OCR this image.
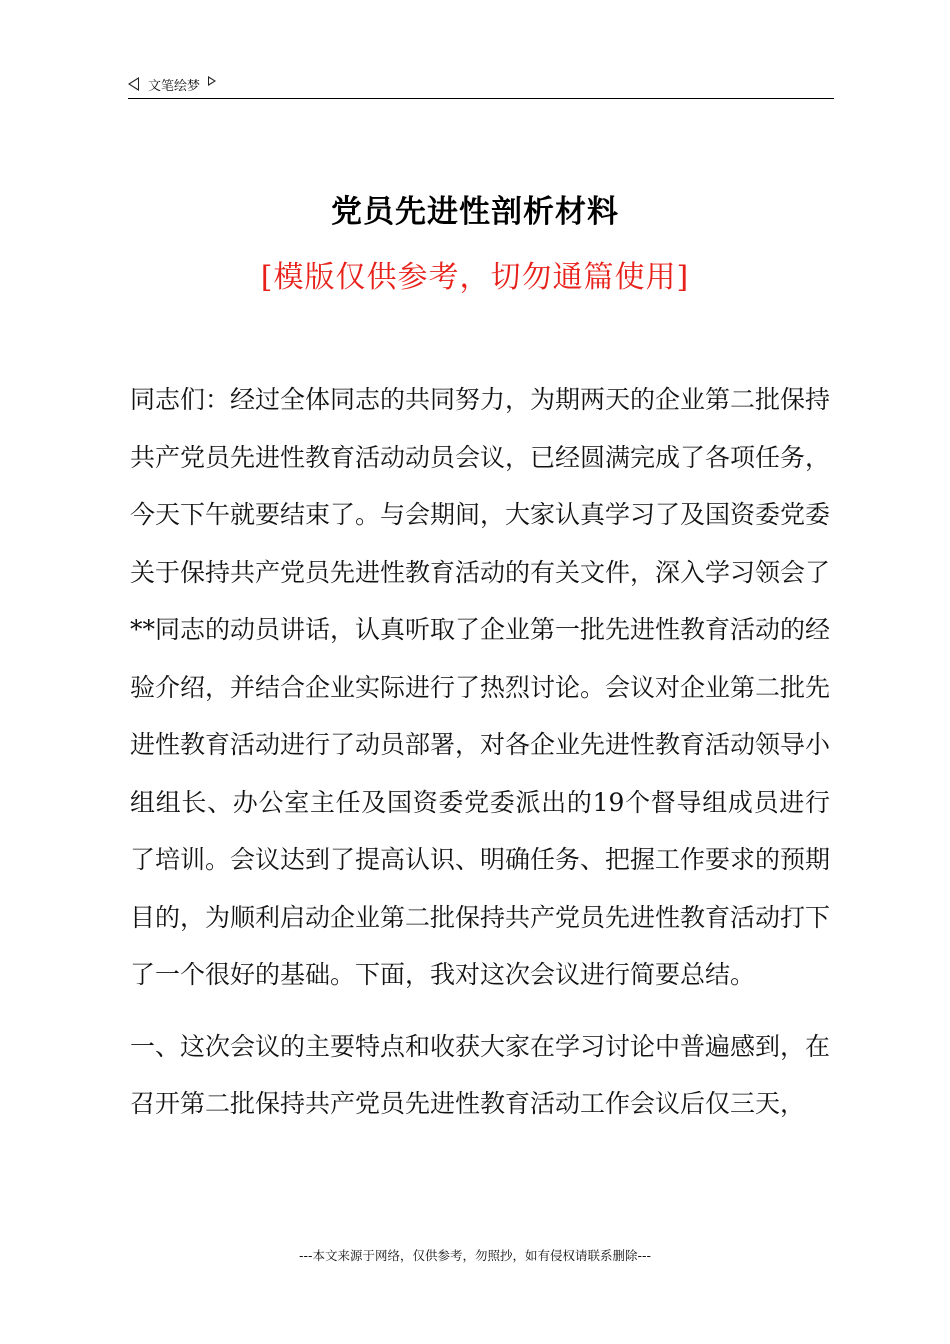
文笔绘梦
党员先进性剖析材料
[模版仅供参考，切勿通篇使用]

同志们：经过全体同志的共同努力，为期两天的企业第二批保持共产党员先进性教育活动动员会议，已经圆满完成了各项任务，今天下午就要结束了。与会期间，大家认真学习了及国资委党委关于保持共产党员先进性教育活动的有关文件，深入学习领会了**同志的动员讲话，认真听取了企业第一批先进性教育活动的经验介绍，并结合企业实际进行了热烈讨论。会议对企业第二批先进性教育活动进行了动员部署，对各企业先进性教育活动领导小组组长、办公室主任及国资委党委派出的19个督导组成员进行了培训。会议达到了提高认识、明确任务、把握工作要求的预期目的，为顺利启动企业第二批保持共产党员先进性教育活动打下了一个很好的基础。下面，我对这次会议进行简要总结。

一、这次会议的主要特点和收获大家在学习讨论中普遍感到，在召开第二批保持共产党员先进性教育活动工作会议后仅三天，

---本文来源于网络，仅供参考，勿照抄，如有侵权请联系删除---
